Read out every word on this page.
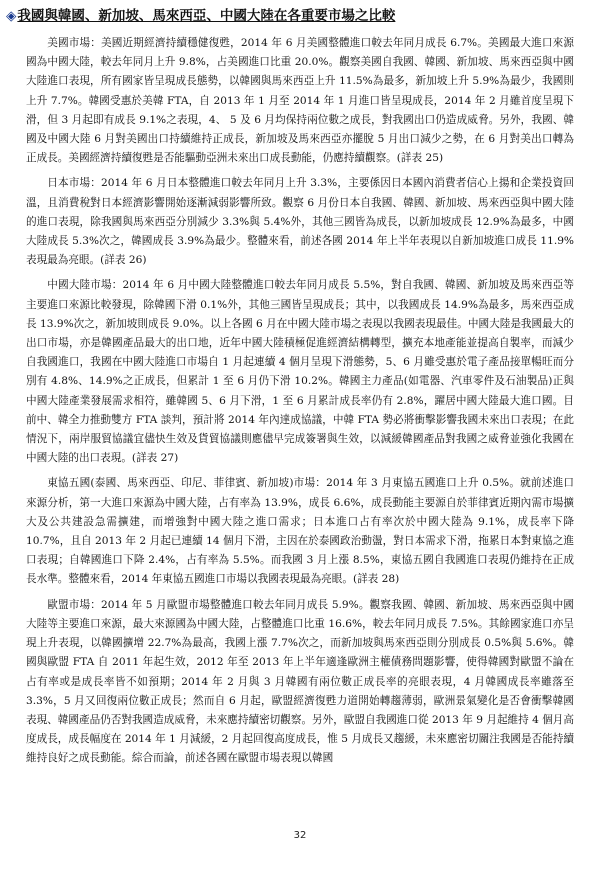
◈我國與韓國、新加坡、馬來西亞、中國大陸在各重要市場之比較

美國市場：美國近期經濟持續穩健復甦，2014 年 6 月美國整體進口較去年同月成長 6.7%。美國最大進口來源國為中國大陸，較去年同月上升 9.8%，占美國進口比重 20.0%。觀察美國自我國、韓國、新加坡、馬來西亞與中國大陸進口表現，所有國家皆呈現成長態勢，以韓國與馬來西亞上升 11.5%為最多，新加坡上升 5.9%為最少，我國則上升 7.7%。韓國受惠於美韓 FTA，自 2013 年 1 月至 2014 年 1 月進口皆呈現成長，2014 年 2 月雖首度呈現下滑，但 3 月起即有成長 9.1%之表現，4、 5 及 6 月均保持兩位數之成長，對我國出口仍造成威脅。另外，我國、韓國及中國大陸 6 月對美國出口持續維持正成長，新加坡及馬來西亞亦擺脫 5 月出口減少之勢，在 6 月對美出口轉為正成長。美國經濟持續復甦是否能驅動亞洲未來出口成長動能，仍應持續觀察。(詳表 25)

日本市場：2014 年 6 月日本整體進口較去年同月上升 3.3%，主要係因日本國內消費者信心上揚和企業投資回溫，且消費稅對日本經濟影響開始逐漸減弱影響所致。觀察 6 月份日本自我國、韓國、新加坡、馬來西亞與中國大陸的進口表現，除我國與馬來西亞分別減少 3.3%與 5.4%外，其他三國皆為成長，以新加坡成長 12.9%為最多，中國大陸成長 5.3%次之，韓國成長 3.9%為最少。整體來看，前述各國 2014 年上半年表現以自新加坡進口成長 11.9%表現最為亮眼。(詳表 26)

中國大陸市場：2014 年 6 月中國大陸整體進口較去年同月成長 5.5%，對自我國、韓國、新加坡及馬來西亞等主要進口來源比較發現，除韓國下滑 0.1%外，其他三國皆呈現成長；其中，以我國成長 14.9%為最多，馬來西亞成長 13.9%次之，新加坡則成長 9.0%。以上各國 6 月在中國大陸市場之表現以我國表現最佳。中國大陸是我國最大的出口市場，亦是韓國產品最大的出口地，近年中國大陸積極促進經濟結構轉型，擴充本地產能並提高自製率，而減少自我國進口，我國在中國大陸進口市場自 1 月起連續 4 個月呈現下滑態勢，5、6 月雖受惠於電子產品接單暢旺而分別有 4.8%、14.9%之正成長，但累計 1 至 6 月仍下滑 10.2%。韓國主力產品(如電器、汽車零件及石油製品)正與中國大陸產業發展需求相符，雖韓國 5、6 月下滑，1 至 6 月累計成長率仍有 2.8%，躍居中國大陸最大進口國。目前中、韓全力推動雙方 FTA 談判，預計將 2014 年內達成協議，中韓 FTA 勢必將衝擊影響我國未來出口表現；在此情況下，兩岸服貿協議宜儘快生效及貨貿協議則應儘早完成簽署與生效，以減緩韓國產品對我國之威脅並強化我國在中國大陸的出口表現。(詳表 27)

東協五國(泰國、馬來西亞、印尼、菲律賓、新加坡)市場：2014 年 3 月東協五國進口上升 0.5%。就前述進口來源分析，第一大進口來源為中國大陸，占有率為 13.9%，成長 6.6%，成長動能主要源自於菲律賓近期內需市場擴大及公共建設急需擴建，而增強對中國大陸之進口需求；日本進口占有率次於中國大陸為 9.1%，成長率下降 10.7%，且自 2013 年 2 月起已連續 14 個月下滑，主因在於泰國政治動盪，對日本需求下滑，拖累日本對東協之進口表現；自韓國進口下降 2.4%，占有率為 5.5%。而我國 3 月上漲 8.5%，東協五國自我國進口表現仍維持在正成長水準。整體來看，2014 年東協五國進口市場以我國表現最為亮眼。(詳表 28)

歐盟市場：2014 年 5 月歐盟市場整體進口較去年同月成長 5.9%。觀察我國、韓國、新加坡、馬來西亞與中國大陸等主要進口來源，最大來源國為中國大陸，占整體進口比重 16.6%，較去年同月成長 7.5%。其餘國家進口亦呈現上升表現，以韓國擴增 22.7%為最高，我國上漲 7.7%次之，而新加坡與馬來西亞則分別成長 0.5%與 5.6%。韓國與歐盟 FTA 自 2011 年起生效，2012 年至 2013 年上半年適逢歐洲主權債務問題影響，使得韓國對歐盟不論在占有率或是成長率皆不如預期；2014 年 2 月與 3 月韓國有兩位數正成長率的亮眼表現，4 月韓國成長率雖落至 3.3%，5 月又回復兩位數正成長；然而自 6 月起，歐盟經濟復甦力道開始轉趨薄弱，歐洲景氣變化是否會衝擊韓國表現、韓國產品仍否對我國造成威脅，未來應持續密切觀察。另外，歐盟自我國進口從 2013 年 9 月起維持 4 個月高度成長，成長幅度在 2014 年 1 月減緩，2 月起回復高度成長，惟 5 月成長又趨緩，未來應密切關注我國是否能持續維持良好之成長動能。綜合而論，前述各國在歐盟市場表現以韓國

32
